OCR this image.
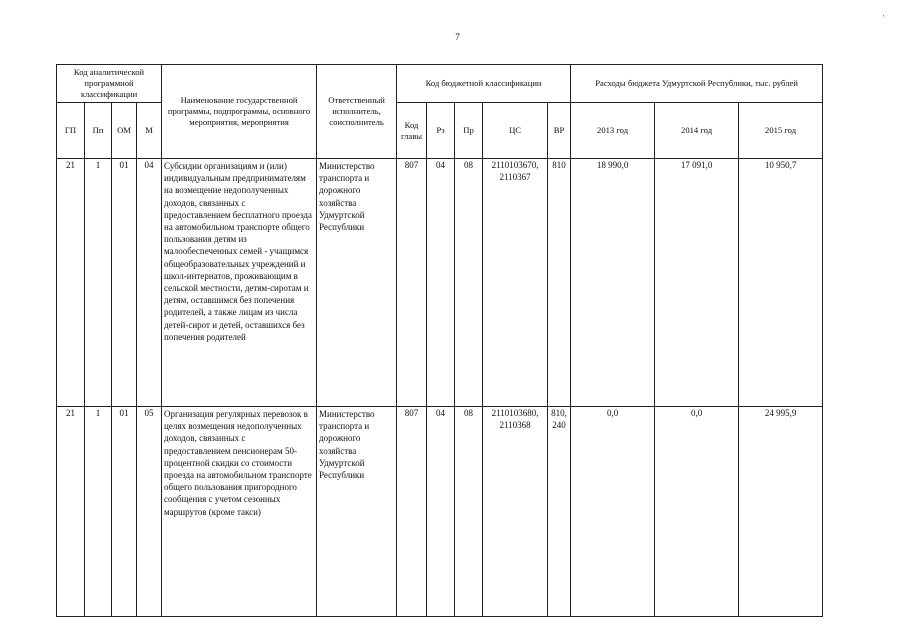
7
'
Код аналитической программной классификации				Наименование государственной программы, подпрограммы, основного мероприятия, мероприятия	Ответственный исполнитель, соисполнитель	Код бюджетной классификации					Расходы бюджета Удмуртской Республики, тыс. рублей		
ГП	Пп	ОМ	М			Код главы	Рз	Пр	ЦС	ВР	2013 год	2014 год	2015 год
21	1	01	04	Субсидии организациям и (или) индивидуальным предпринимателям на возмещение недополученных доходов, связанных с предоставлением бесплатного проезда на автомобильном транспорте общего пользования детям из малообеспеченных семей - учащимся общеобразовательных учреждений и школ-интернатов, проживающим в сельской местности, детям-сиротам и детям, оставшимся без попечения родителей, а также лицам из числа детей-сирот и детей, оставшихся без попечения родителей	Министерство транспорта и дорожного хозяйства Удмуртской Республики	807	04	08	2110103670, 2110367	810	18 990,0	17 091,0	10 950,7
21	1	01	05	Организация регулярных перевозок в целях возмещения недополученных доходов, связанных с предоставлением пенсионерам 50-процентной скидки со стоимости проезда на автомобильном транспорте общего пользования пригородного сообщения с учетом сезонных маршрутов (кроме такси)	Министерство транспорта и дорожного хозяйства Удмуртской Республики	807	04	08	2110103680, 2110368	810, 240	0,0	0,0	24 995,9
